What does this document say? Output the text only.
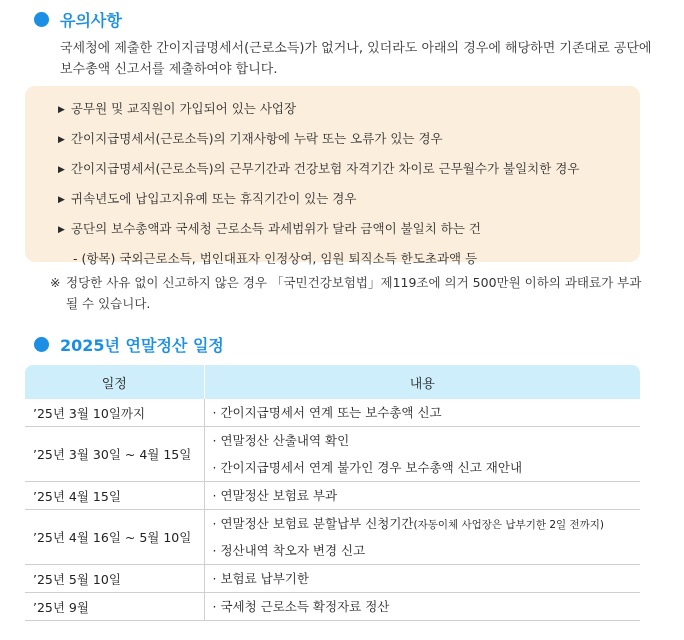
유의사항

국세청에 제출한 간이지급명세서(근로소득)가 없거나, 있더라도 아래의 경우에 해당하면 기존대로 공단에 보수총액 신고서를 제출하여야 합니다.

▶ 공무원 및 교직원이 가입되어 있는 사업장
▶ 간이지급명세서(근로소득)의 기재사항에 누락 또는 오류가 있는 경우
▶ 간이지급명세서(근로소득)의 근무기간과 건강보험 자격기간 차이로 근무월수가 불일치한 경우
▶ 귀속년도에 납입고지유예 또는 휴직기간이 있는 경우
▶ 공단의 보수총액과 국세청 근로소득 과세범위가 달라 금액이 불일치 하는 건
- (항목) 국외근로소득, 법인대표자 인정상여, 임원 퇴직소득 한도초과액 등
※ 정당한 사유 없이 신고하지 않은 경우 「국민건강보험법」제119조에 의거 500만원 이하의 과태료가 부과될 수 있습니다.
2025년 연말정산 일정
일정	내용
’25년 3월 10일까지	· 간이지급명세서 연계 또는 보수총액 신고

’25년 3월 30일 ~ 4월 15일	· 연말정산 산출내역 확인
· 간이지급명세서 연계 불가인 경우 보수총액 신고 재안내

’25년 4월 15일	· 연말정산 보험료 부과

’25년 4월 16일 ~ 5월 10일	· 연말정산 보험료 분할납부 신청기간(자동이체 사업장은 납부기한 2일 전까지)
· 정산내역 착오자 변경 신고

’25년 5월 10일	· 보험료 납부기한

’25년 9월	· 국세청 근로소득 확정자료 정산
